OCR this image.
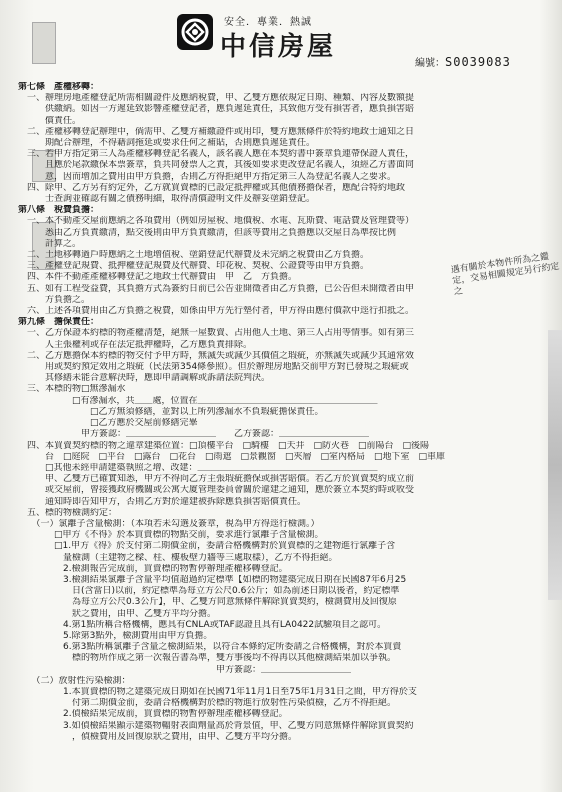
安全．專業．熱誠
中信房屋
編號：S0039083
第七條　產權移轉：
　一、辦理房地產權登記所需相關證件及應納稅費，甲、乙雙方應依規定日期、種類、內容及數額提
　　　供繳納。如因一方遲延致影響產權登記者，應負遲延責任，其致他方受有損害者，應負損害賠
　　　償責任。
　二、產權移轉登記辦理中，倘需甲、乙雙方補繳證件或用印，雙方應無條件於特約地政士通知之日
　　　期配合辦理，不得藉詞拖延或要求任何之補貼，否則應負遲延責任。
　三、若甲方指定第三人為產權移轉登記名義人，該名義人應在本契約書中簽章負連帶保證人責任，
　　　且應於尾款繳保本票簽章，負共同發票人之責，其後如要求更改登記名義人，須經乙方書面同
　　　意，因而增加之費用由甲方負擔，否則乙方得拒絕甲方指定第三人為登記名義人之要求。
　四、除甲、乙方另有約定外，乙方就買賣標的已設定抵押權或其他債務擔保者，應配合特約地政
　　　士查詢並確認有關之債務明細，取得清償證明文件及辦妥塗銷登記。
第八條　稅費負擔：
　一、本不動產交屋前應納之各項費用（例如房屋稅、地價稅、水電、瓦斯費、電話費及管理費等）
　　　悉由乙方負責繳清，點交後則由甲方負責繳清，但該等費用之負擔應以交屋日為準按比例
　　　計算之。
　二、土地移轉過戶時應納之土地增值稅、塗銷登記代辦費及未完納之稅費由乙方負擔。
　三、產權登記規費、抵押權登記規費及代辦費、印花稅、契稅、公證費等由甲方負擔。
　四、本件不動產產權移轉登記之地政士代辦費由　甲　乙　方負擔。
　五、如有工程受益費，其負擔方式為簽約日前已公告並開徵者由乙方負擔，已公告但未開徵者由甲
　　　方負擔之。
　六、上述各項費用由乙方負擔之稅費，如係由甲方先行墊付者，甲方得由應付價款中逕行扣抵之。
第九條　擔保責任：
　一、乙方保證本約標的物產權清楚，絕無一屋數賣、占用他人土地、第三人占用等情事。如有第三
　　　人主張權利或存在法定抵押權時，乙方應負責排除。
　二、乙方應擔保本約標的物交付予甲方時，無滅失或減少其價值之瑕疵，亦無滅失或減少其通常效
　　　用或契約預定效用之瑕疵（民法第354條參照）。但於辦理房地點交前甲方對已發現之瑕疵或
　　　其修繕未能合意解決時，應即申請調解或訴請法院判決。
　三、本標的物□無滲漏水
　　　　　　□有滲漏水，共＿＿處，位置在＿＿＿＿＿＿＿＿＿＿＿＿＿＿＿＿＿＿＿＿
　　　　　　　　□乙方無須修繕，並對以上所列滲漏水不負瑕疵擔保責任。
　　　　　　　　□乙方應於交屋前修繕完畢
　　　　　　　甲方簽認：＿＿＿＿＿＿＿＿＿＿　　乙方簽認：＿＿＿＿＿＿＿＿＿＿
　四、本買賣契約標的物之違章建築位置：□頂樓平台　□騎樓　□天井　□防火巷　□前陽台　□後陽
　　　台　□庭院　□平台　□露台　□花台　□雨遮　□景觀窗　□夾層　□室內格局　□地下室　□車庫
　　　□其他未經申請建築執照之增、改建：＿＿＿＿＿＿＿＿＿＿＿＿＿＿＿＿＿＿＿＿
　　　甲、乙雙方已確實知悉，甲方不得向乙方主張瑕疵擔保或損害賠償。若乙方於買賣契約成立前
　　　或交屋前，曾接獲政府機關或公寓大廈管理委員會關於違建之通知，應於簽立本契約時或收受
　　　通知時即告知甲方，否則乙方對於違建被拆除應負損害賠償責任。
　五、標的物檢測約定：
　　（一）氯離子含量檢測：（本項若未勾選及簽章，視為甲方得逕行檢測。）
　　　　□甲方《不得》於本買賣標的物點交前，要求進行氯離子含量檢測。
　　　　□1.甲方《得》於支付第二期價金前，委請合格機構對於買賣標的之建物進行氯離子含
　　　　　量檢測（主建物之樑、柱、樓板壁力牆等三處取樣），乙方不得拒絕。
　　　　　2.檢測報告完成前，買賣標的物暫停辦理產權移轉登記。
　　　　　3.檢測結果氯離子含量平均值超過約定標準【如標的物建築完成日期在民國87年6月25
　　　　　　日(含當日)以前，約定標準為每立方公尺0.6公斤；如為前述日期以後者，約定標準
　　　　　　為每立方公尺0.3公斤】，甲、乙雙方同意無條件解除買賣契約，檢測費用及回復原
　　　　　　狀之費用，由甲、乙雙方平均分擔。
　　　　　4.第1點所稱合格機構，應具有CNLA或TAF認證且具有LA0422試驗項目之認可。
　　　　　5.除第3點外，檢測費用由甲方負擔。
　　　　　6.第3點所稱氯離子含量之檢測結果，以符合本條約定所委請之合格機構，對於本買賣
　　　　　　標的物所作成之第一次報告書為準，雙方事後均不得再以其他檢測結果加以爭執。
　　　　　　　　　　　　　　　　　　　　　　甲方簽認：＿＿＿＿＿＿＿＿＿＿
　　（二）放射性污染檢測：
　　　　　1.本買賣標的物之建築完成日期如在民國71年11月1日至75年1月31日之間，甲方得於支
　　　　　　付第二期價金前，委請合格機構對於標的物進行放射性污染偵檢，乙方不得拒絕。
　　　　　2.偵檢結果完成前，買賣標的物暫停辦理產權移轉登記。
　　　　　3.如偵檢結果顯示建築物輻射表面劑量高於背景值，甲、乙雙方同意無條件解除買賣契約
　　　　　　，偵檢費用及回復原狀之費用，由甲、乙雙方平均分擔。
遇有關於本物件所為之鑑定，交易相關規定另行約定之
